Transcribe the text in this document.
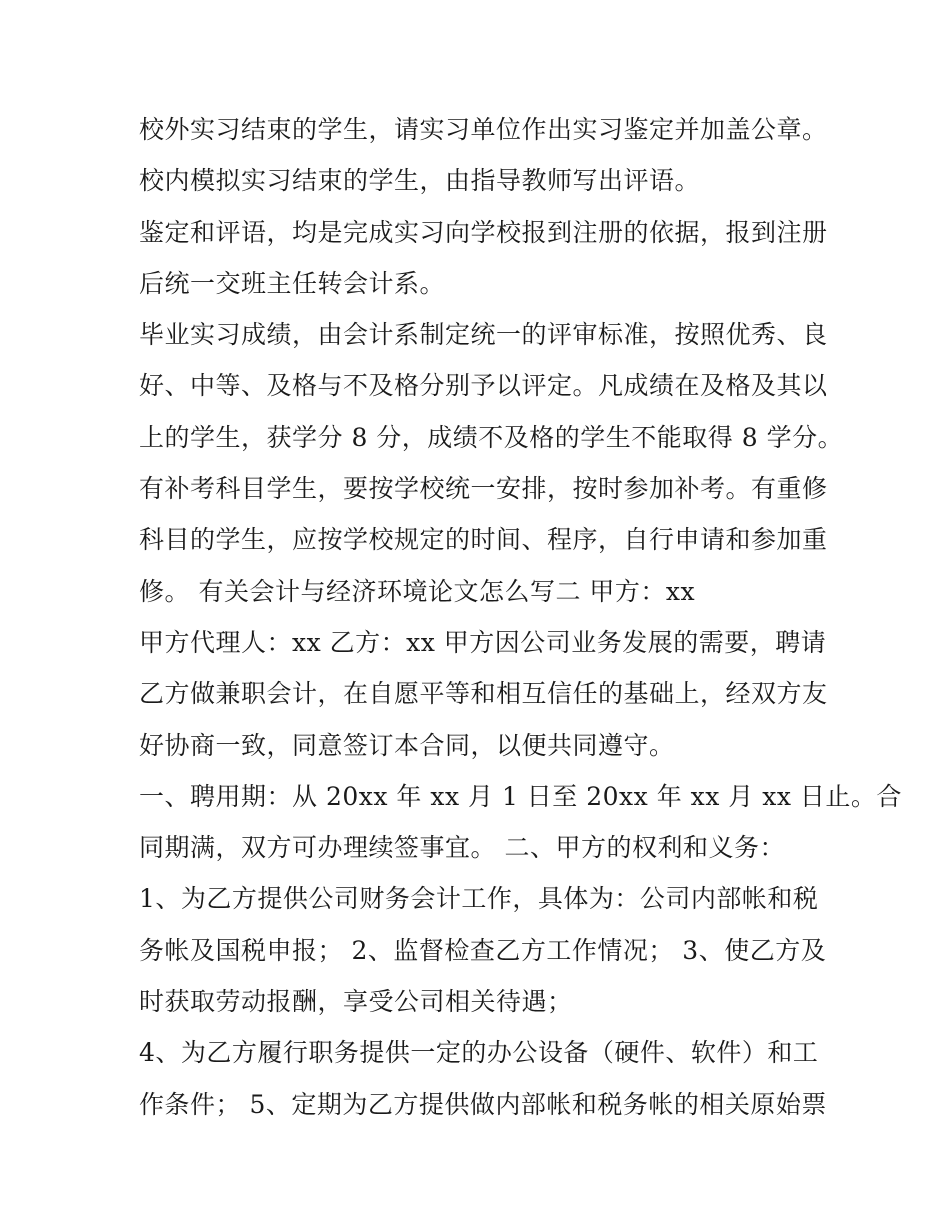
校外实习结束的学生，请实习单位作出实习鉴定并加盖公章。
校内模拟实习结束的学生，由指导教师写出评语。
鉴定和评语，均是完成实习向学校报到注册的依据，报到注册
后统一交班主任转会计系。
毕业实习成绩，由会计系制定统一的评审标准，按照优秀、良
好、中等、及格与不及格分别予以评定。凡成绩在及格及其以
上的学生，获学分 8 分，成绩不及格的学生不能取得 8 学分。
有补考科目学生，要按学校统一安排，按时参加补考。有重修
科目的学生，应按学校规定的时间、程序，自行申请和参加重
修。 有关会计与经济环境论文怎么写二 甲方：xx
甲方代理人：xx 乙方：xx 甲方因公司业务发展的需要，聘请
乙方做兼职会计，在自愿平等和相互信任的基础上，经双方友
好协商一致，同意签订本合同，以便共同遵守。
一、聘用期：从 20xx 年 xx 月 1 日至 20xx 年 xx 月 xx 日止。合
同期满，双方可办理续签事宜。 二、甲方的权利和义务：
1、为乙方提供公司财务会计工作，具体为：公司内部帐和税
务帐及国税申报； 2、监督检查乙方工作情况； 3、使乙方及
时获取劳动报酬，享受公司相关待遇；
4、为乙方履行职务提供一定的办公设备（硬件、软件）和工
作条件； 5、定期为乙方提供做内部帐和税务帐的相关原始票
